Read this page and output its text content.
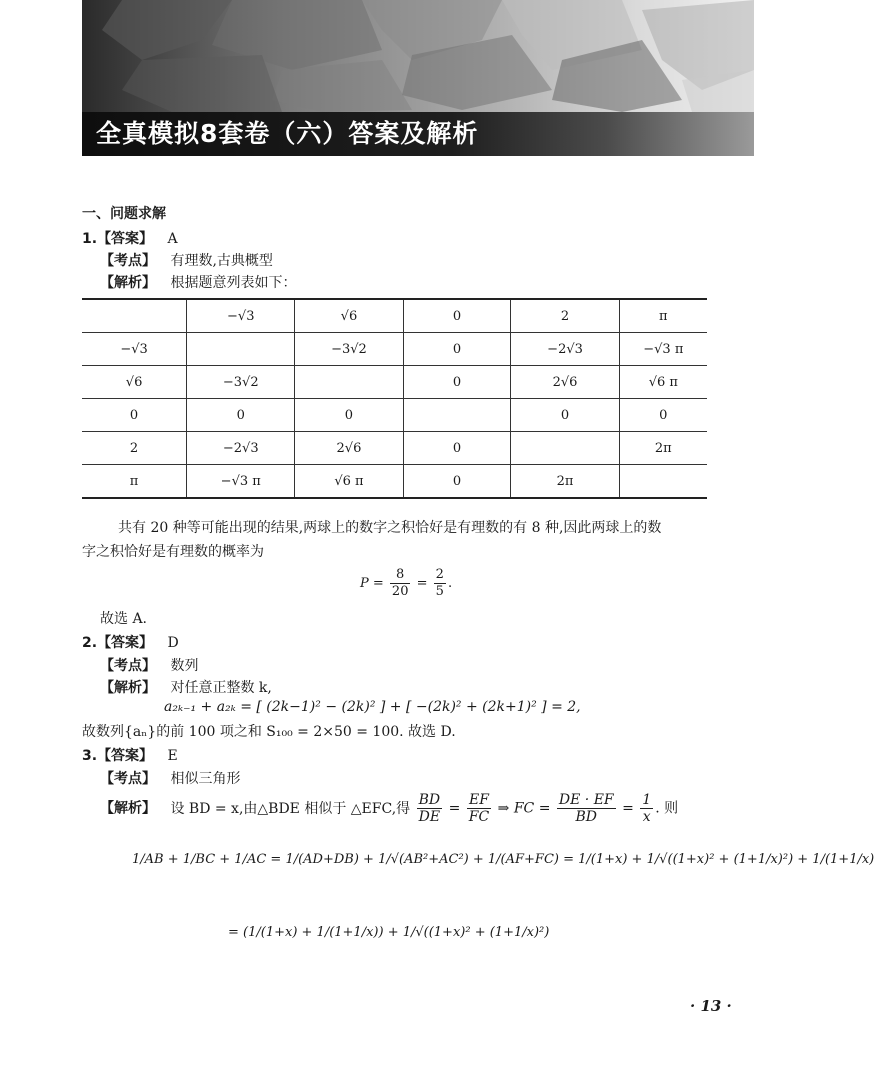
全真模拟8套卷（六）答案及解析
一、问题求解
1.【答案】 A
【考点】 有理数,古典概型
【解析】 根据题意列表如下：
	−√3	√6	0	2	π
−√3		−3√2	0	−2√3	−√3 π
√6	−3√2		0	2√6	√6 π
0	0	0		0	0
2	−2√3	2√6	0		2π
π	−√3 π	√6 π	0	2π	
共有 20 种等可能出现的结果,两球上的数字之积恰好是有理数的有 8 种,因此两球上的数
字之积恰好是有理数的概率为
$P = \frac{8}{20} = \frac{2}{5}$ .
故选 A.
2.【答案】 D
【考点】 数列
【解析】 对任意正整数 k,
a₂ₖ₋₁ + a₂ₖ = [ (2k−1)² − (2k)² ] + [ −(2k)² + (2k+1)² ] = 2,
故数列{aₙ}的前 100 项之和 S₁₀₀ = 2×50 = 100. 故选 D.
3.【答案】 E
【考点】 相似三角形
【解析】 设 BD = x,由△BDE 相似于 △EFC,得 $\frac{BD}{DE} = \frac{EF}{FC}$ ⇒ FC = $\frac{DE \cdot EF}{BD} = \frac{1}{x}$ . 则
1/AB + 1/BC + 1/AC = 1/(AD+DB) + 1/√(AB²+AC²) + 1/(AF+FC) = 1/(1+x) + 1/√((1+x)² + (1+1/x)²) + 1/(1+1/x)
= (1/(1+x) + 1/(1+1/x)) + 1/√((1+x)² + (1+1/x)²)
· 13 ·
